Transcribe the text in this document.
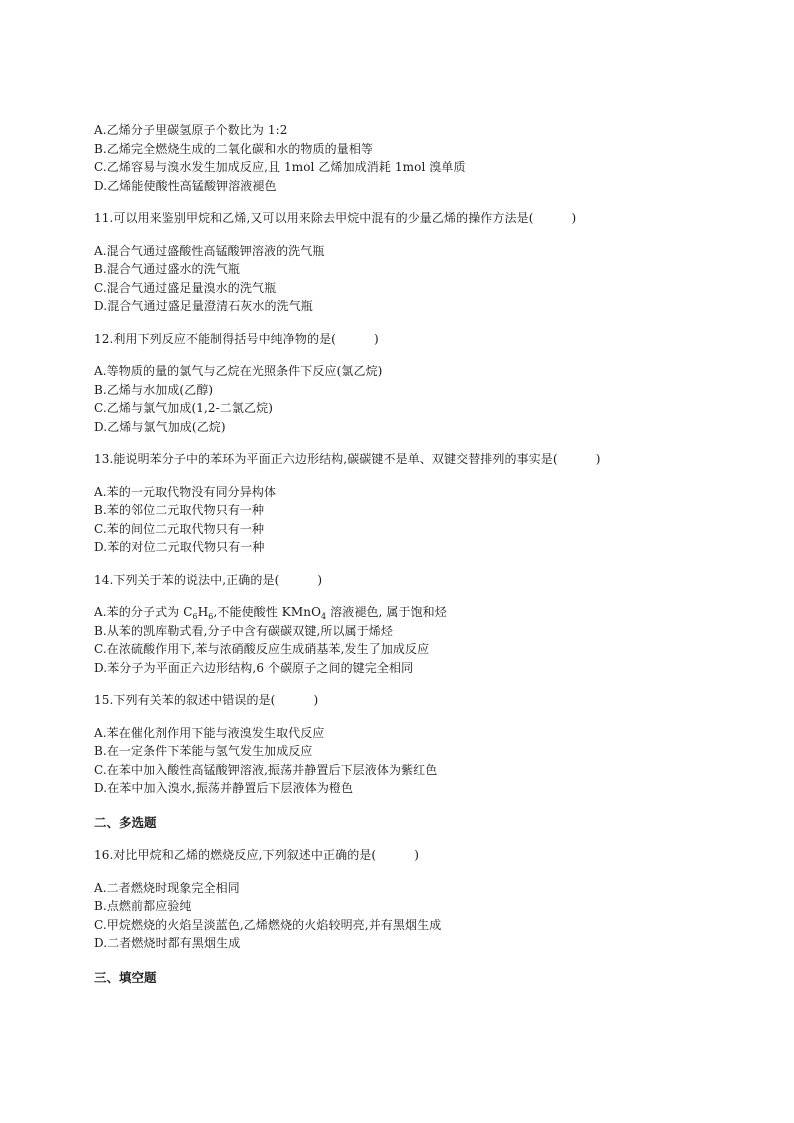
A.乙烯分子里碳氢原子个数比为 1:2
B.乙烯完全燃烧生成的二氧化碳和水的物质的量相等
C.乙烯容易与溴水发生加成反应,且 1mol 乙烯加成消耗 1mol 溴单质
D.乙烯能使酸性高锰酸钾溶液褪色
11.可以用来鉴别甲烷和乙烯,又可以用来除去甲烷中混有的少量乙烯的操作方法是(	)
A.混合气通过盛酸性高锰酸钾溶液的洗气瓶
B.混合气通过盛水的洗气瓶
C.混合气通过盛足量溴水的洗气瓶
D.混合气通过盛足量澄清石灰水的洗气瓶
12.利用下列反应不能制得括号中纯净物的是(	)
A.等物质的量的氯气与乙烷在光照条件下反应(氯乙烷)
B.乙烯与水加成(乙醇)
C.乙烯与氯气加成(1,2-二氯乙烷)
D.乙烯与氯气加成(乙烷)
13.能说明苯分子中的苯环为平面正六边形结构,碳碳键不是单、双键交替排列的事实是(	)
A.苯的一元取代物没有同分异构体
B.苯的邻位二元取代物只有一种
C.苯的间位二元取代物只有一种
D.苯的对位二元取代物只有一种
14.下列关于苯的说法中,正确的是(	)
A.苯的分子式为 $C_6H_6$,不能使酸性 KMnO$_4$ 溶液褪色, 属于饱和烃
B.从苯的凯库勒式看,分子中含有碳碳双键,所以属于烯烃
C.在浓硫酸作用下,苯与浓硝酸反应生成硝基苯,发生了加成反应
D.苯分子为平面正六边形结构,6 个碳原子之间的键完全相同
15.下列有关苯的叙述中错误的是(	)
A.苯在催化剂作用下能与液溴发生取代反应
B.在一定条件下苯能与氢气发生加成反应
C.在苯中加入酸性高锰酸钾溶液,振荡并静置后下层液体为紫红色
D.在苯中加入溴水,振荡并静置后下层液体为橙色
二、多选题
16.对比甲烷和乙烯的燃烧反应,下列叙述中正确的是(	)
A.二者燃烧时现象完全相同
B.点燃前都应验纯
C.甲烷燃烧的火焰呈淡蓝色,乙烯燃烧的火焰较明亮,并有黑烟生成
D.二者燃烧时都有黑烟生成
三、填空题
